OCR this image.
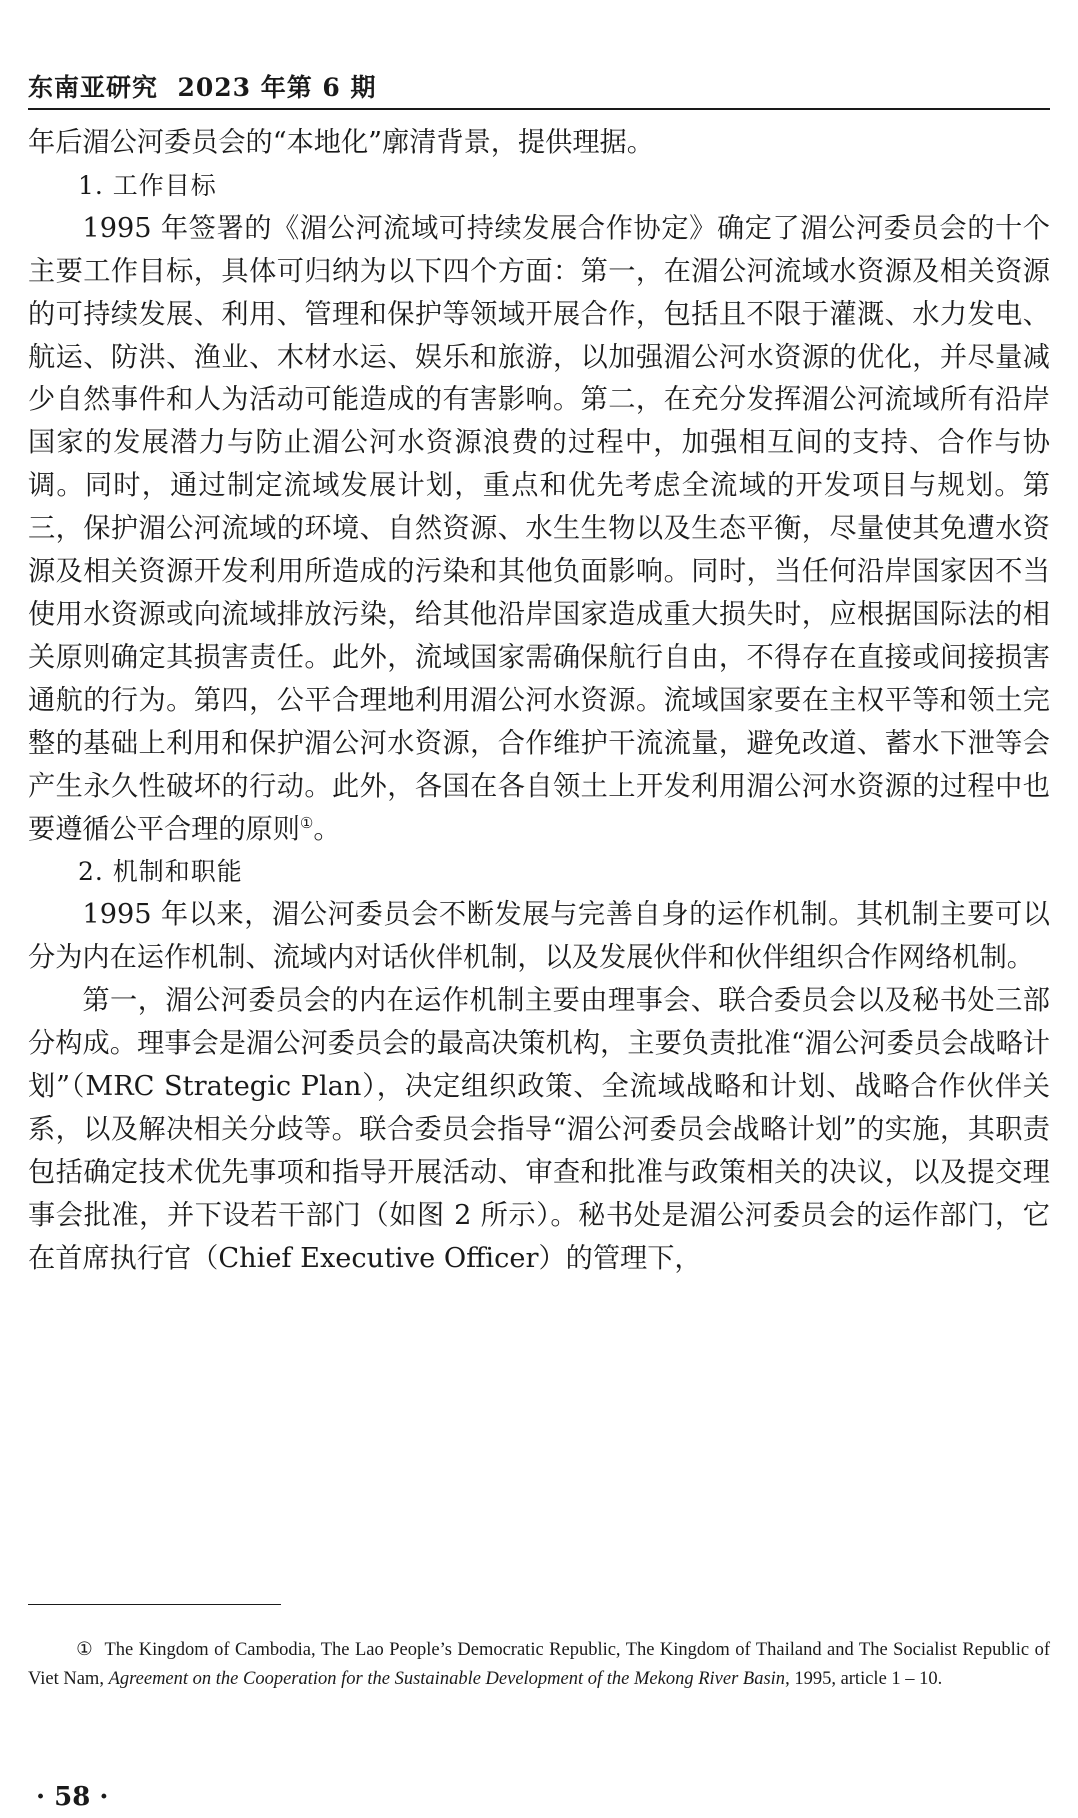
东南亚研究 2023 年第 6 期

年后湄公河委员会的“本地化”廓清背景，提供理据。

1. 工作目标

1995 年签署的《湄公河流域可持续发展合作协定》确定了湄公河委员会的十个主要工作目标，具体可归纳为以下四个方面：第一，在湄公河流域水资源及相关资源的可持续发展、利用、管理和保护等领域开展合作，包括且不限于灌溉、水力发电、航运、防洪、渔业、木材水运、娱乐和旅游，以加强湄公河水资源的优化，并尽量减少自然事件和人为活动可能造成的有害影响。第二，在充分发挥湄公河流域所有沿岸国家的发展潜力与防止湄公河水资源浪费的过程中，加强相互间的支持、合作与协调。同时，通过制定流域发展计划，重点和优先考虑全流域的开发项目与规划。第三，保护湄公河流域的环境、自然资源、水生生物以及生态平衡，尽量使其免遭水资源及相关资源开发利用所造成的污染和其他负面影响。同时，当任何沿岸国家因不当使用水资源或向流域排放污染，给其他沿岸国家造成重大损失时，应根据国际法的相关原则确定其损害责任。此外，流域国家需确保航行自由，不得存在直接或间接损害通航的行为。第四，公平合理地利用湄公河水资源。流域国家要在主权平等和领土完整的基础上利用和保护湄公河水资源，合作维护干流流量，避免改道、蓄水下泄等会产生永久性破坏的行动。此外，各国在各自领土上开发利用湄公河水资源的过程中也要遵循公平合理的原则①。

2. 机制和职能

1995 年以来，湄公河委员会不断发展与完善自身的运作机制。其机制主要可以分为内在运作机制、流域内对话伙伴机制，以及发展伙伴和伙伴组织合作网络机制。

第一，湄公河委员会的内在运作机制主要由理事会、联合委员会以及秘书处三部分构成。理事会是湄公河委员会的最高决策机构，主要负责批准“湄公河委员会战略计划”（MRC Strategic Plan），决定组织政策、全流域战略和计划、战略合作伙伴关系，以及解决相关分歧等。联合委员会指导“湄公河委员会战略计划”的实施，其职责包括确定技术优先事项和指导开展活动、审查和批准与政策相关的决议，以及提交理事会批准，并下设若干部门（如图 2 所示）。秘书处是湄公河委员会的运作部门，它在首席执行官（Chief Executive Officer）的管理下，

① The Kingdom of Cambodia, The Lao People’s Democratic Republic, The Kingdom of Thailand and The Socialist Republic of Viet Nam, Agreement on the Cooperation for the Sustainable Development of the Mekong River Basin, 1995, article 1 – 10.
· 58 ·
